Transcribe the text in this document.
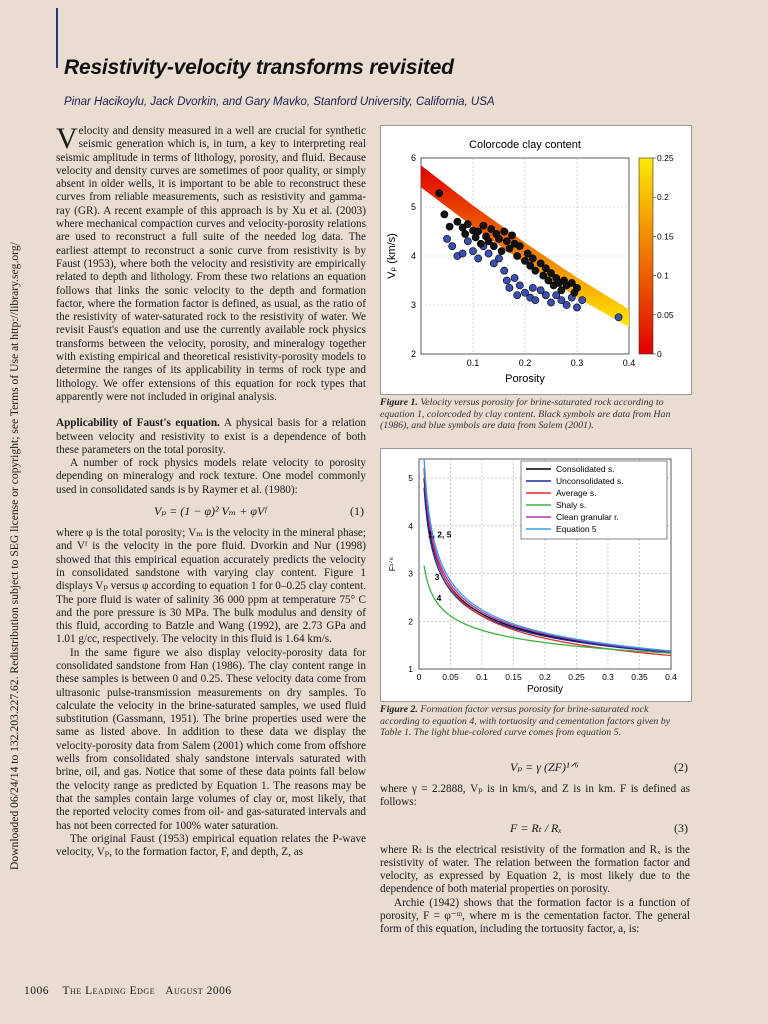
Downloaded 06/24/14 to 132.203.227.62. Redistribution subject to SEG license or copyright; see Terms of Use at http://library.seg.org/
Resistivity-velocity transforms revisited
Pinar Hacikoylu, Jack Dvorkin, and Gary Mavko, Stanford University, California, USA

Velocity and density measured in a well are crucial for synthetic seismic generation which is, in turn, a key to interpreting real seismic amplitude in terms of lithology, porosity, and fluid. Because velocity and density curves are sometimes of poor quality, or simply absent in older wells, it is important to be able to reconstruct these curves from reliable measurements, such as resistivity and gamma-ray (GR). A recent example of this approach is by Xu et al. (2003) where mechanical compaction curves and velocity-porosity relations are used to reconstruct a full suite of the needed log data. The earliest attempt to reconstruct a sonic curve from resistivity is by Faust (1953), where both the velocity and resistivity are empirically related to depth and lithology. From these two relations an equation follows that links the sonic velocity to the depth and formation factor, where the formation factor is defined, as usual, as the ratio of the resistivity of water-saturated rock to the resistivity of water. We revisit Faust's equation and use the currently available rock physics transforms between the velocity, porosity, and mineralogy together with existing empirical and theoretical resistivity-porosity models to determine the ranges of its applicability in terms of rock type and lithology. We offer extensions of this equation for rock types that apparently were not included in original analysis.

Applicability of Faust's equation. A physical basis for a relation between velocity and resistivity to exist is a dependence of both these parameters on the total porosity.

A number of rock physics models relate velocity to porosity depending on mineralogy and rock texture. One model commonly used in consolidated sands is by Raymer et al. (1980):

Vₚ = (1 − φ)² Vₘ + φVᶠ	(1)

where φ is the total porosity; Vₘ is the velocity in the mineral phase; and Vᶠ is the velocity in the pore fluid. Dvorkin and Nur (1998) showed that this empirical equation accurately predicts the velocity in consolidated sandstone with varying clay content. Figure 1 displays Vₚ versus φ according to equation 1 for 0–0.25 clay content. The pore fluid is water of salinity 36 000 ppm at temperature 75° C and the pore pressure is 30 MPa. The bulk modulus and density of this fluid, according to Batzle and Wang (1992), are 2.73 GPa and 1.01 g/cc, respectively. The velocity in this fluid is 1.64 km/s.

In the same figure we also display velocity-porosity data for consolidated sandstone from Han (1986). The clay content range in these samples is between 0 and 0.25. These velocity data come from ultrasonic pulse-transmission measurements on dry samples. To calculate the velocity in the brine-saturated samples, we used fluid substitution (Gassmann, 1951). The brine properties used were the same as listed above. In addition to these data we display the velocity-porosity data from Salem (2001) which come from offshore wells from consolidated shaly sandstone intervals saturated with brine, oil, and gas. Notice that some of these data points fall below the velocity range as predicted by Equation 1. The reasons may be that the samples contain large volumes of clay or, most likely, that the reported velocity comes from oil- and gas-saturated intervals and has not been corrected for 100% water saturation.

The original Faust (1953) empirical equation relates the P-wave velocity, Vₚ, to the formation factor, F, and depth, Z, as

Colorcode clay content
Porosity
Vₚ (km/s)
0.1	0.2	0.3	0.4
2
3
4
5
6
0
0.05
0.1
0.15
0.2
0.25
Figure 1. Velocity versus porosity for brine-saturated rock according to equation 1, colorcoded by clay content. Black symbols are data from Han (1986), and blue symbols are data from Salem (2001).
Consolidated s.
Unconsolidated s.
Average s.
Shaly s.
Clean granular r.
Equation 5
1, 2, 5
3
4
0 0.05 0.1 0.15 0.2 0.25 0.3 0.35 0.4
1
2
3
4
5
Porosity
F¹ᐟ⁶
Figure 2. Formation factor versus porosity for brine-saturated rock according to equation 4, with tortuosity and cementation factors given by Table 1. The light blue-colored curve comes from equation 5.
Vₚ = γ (ZF)¹ᐟ⁶	(2)

where γ = 2.2888, Vₚ is in km/s, and Z is in km. F is defined as follows:

F = Rₜ / Rₓ	(3)

where Rₜ is the electrical resistivity of the formation and Rₓ is the resistivity of water. The relation between the formation factor and velocity, as expressed by Equation 2, is most likely due to the dependence of both material properties on porosity.

Archie (1942) shows that the formation factor is a function of porosity, F = φ⁻ᵐ, where m is the cementation factor. The general form of this equation, including the tortuosity factor, a, is:

1006 The Leading Edge August 2006
